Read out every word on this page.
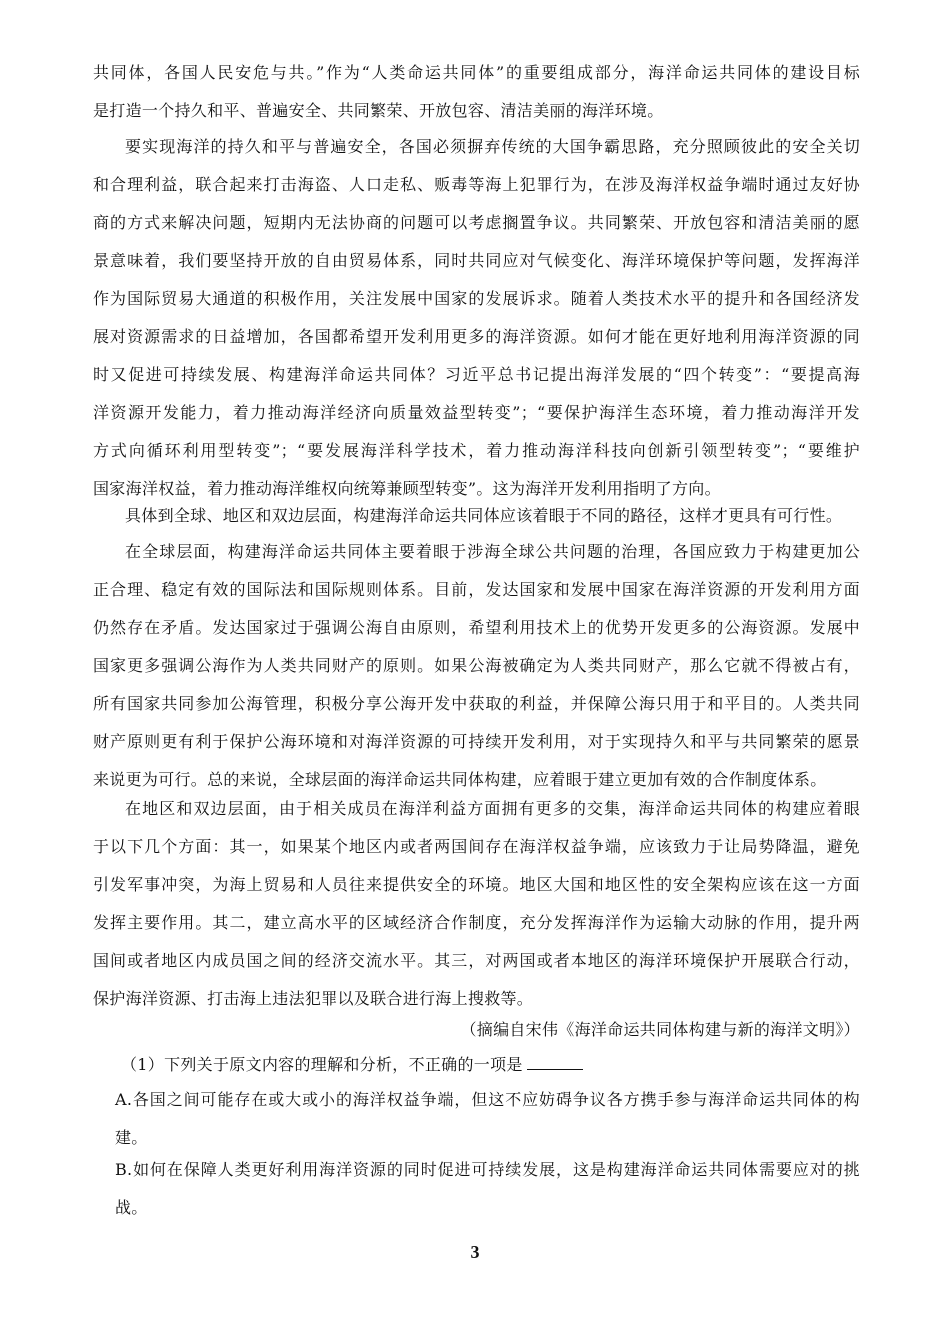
共同体，各国人民安危与共。”作为“人类命运共同体”的重要组成部分，海洋命运共同体的建设目标
是打造一个持久和平、普遍安全、共同繁荣、开放包容、清洁美丽的海洋环境。
要实现海洋的持久和平与普遍安全，各国必须摒弃传统的大国争霸思路，充分照顾彼此的安全关切
和合理利益，联合起来打击海盗、人口走私、贩毒等海上犯罪行为，在涉及海洋权益争端时通过友好协
商的方式来解决问题，短期内无法协商的问题可以考虑搁置争议。共同繁荣、开放包容和清洁美丽的愿
景意味着，我们要坚持开放的自由贸易体系，同时共同应对气候变化、海洋环境保护等问题，发挥海洋
作为国际贸易大通道的积极作用，关注发展中国家的发展诉求。随着人类技术水平的提升和各国经济发
展对资源需求的日益增加，各国都希望开发利用更多的海洋资源。如何才能在更好地利用海洋资源的同
时又促进可持续发展、构建海洋命运共同体？习近平总书记提出海洋发展的“四个转变”：“要提高海
洋资源开发能力，着力推动海洋经济向质量效益型转变”；“要保护海洋生态环境，着力推动海洋开发
方式向循环利用型转变”；“要发展海洋科学技术，着力推动海洋科技向创新引领型转变”；“要维护
国家海洋权益，着力推动海洋维权向统筹兼顾型转变”。这为海洋开发利用指明了方向。
具体到全球、地区和双边层面，构建海洋命运共同体应该着眼于不同的路径，这样才更具有可行性。
在全球层面，构建海洋命运共同体主要着眼于涉海全球公共问题的治理，各国应致力于构建更加公
正合理、稳定有效的国际法和国际规则体系。目前，发达国家和发展中国家在海洋资源的开发利用方面
仍然存在矛盾。发达国家过于强调公海自由原则，希望利用技术上的优势开发更多的公海资源。发展中
国家更多强调公海作为人类共同财产的原则。如果公海被确定为人类共同财产，那么它就不得被占有，
所有国家共同参加公海管理，积极分享公海开发中获取的利益，并保障公海只用于和平目的。人类共同
财产原则更有利于保护公海环境和对海洋资源的可持续开发利用，对于实现持久和平与共同繁荣的愿景
来说更为可行。总的来说，全球层面的海洋命运共同体构建，应着眼于建立更加有效的合作制度体系。
在地区和双边层面，由于相关成员在海洋利益方面拥有更多的交集，海洋命运共同体的构建应着眼
于以下几个方面：其一，如果某个地区内或者两国间存在海洋权益争端，应该致力于让局势降温，避免
引发军事冲突，为海上贸易和人员往来提供安全的环境。地区大国和地区性的安全架构应该在这一方面
发挥主要作用。其二，建立高水平的区域经济合作制度，充分发挥海洋作为运输大动脉的作用，提升两
国间或者地区内成员国之间的经济交流水平。其三，对两国或者本地区的海洋环境保护开展联合行动，
保护海洋资源、打击海上违法犯罪以及联合进行海上搜救等。
（摘编自宋伟《海洋命运共同体构建与新的海洋文明》）
（1）下列关于原文内容的理解和分析，不正确的一项是
A.各国之间可能存在或大或小的海洋权益争端，但这不应妨碍争议各方携手参与海洋命运共同体的构
建。
B.如何在保障人类更好利用海洋资源的同时促进可持续发展，这是构建海洋命运共同体需要应对的挑
战。
3
